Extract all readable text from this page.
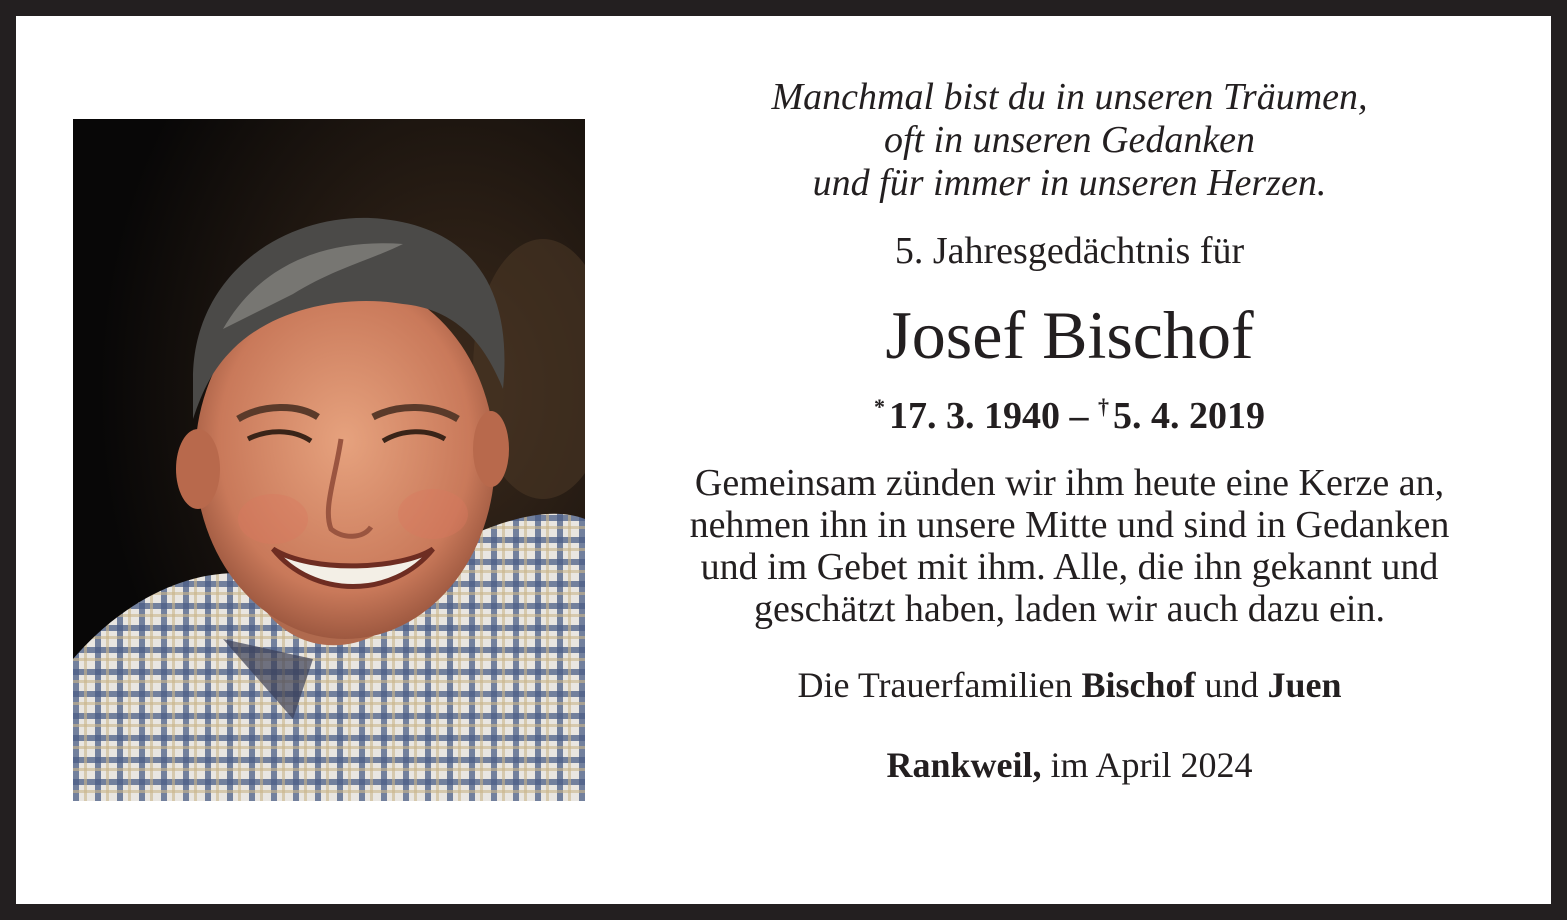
Manchmal bist du in unseren Träumen,
oft in unseren Gedanken
und für immer in unseren Herzen.

5. Jahresgedächtnis für

Josef Bischof

* 17. 3. 1940 – † 5. 4. 2019

Gemeinsam zünden wir ihm heute eine Kerze an,
nehmen ihn in unsere Mitte und sind in Gedanken
und im Gebet mit ihm. Alle, die ihn gekannt und
geschätzt haben, laden wir auch dazu ein.

Die Trauerfamilien Bischof und Juen

Rankweil, im April 2024
